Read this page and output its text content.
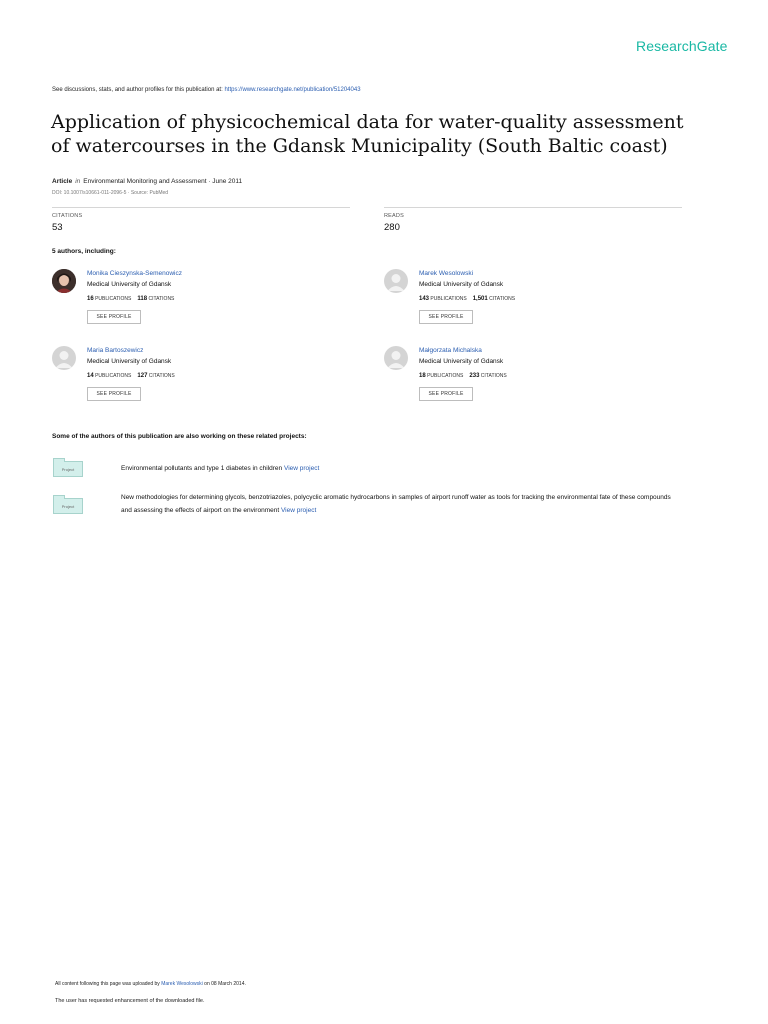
ResearchGate
See discussions, stats, and author profiles for this publication at: https://www.researchgate.net/publication/51204043
Application of physicochemical data for water-quality assessment of watercourses in the Gdansk Municipality (South Baltic coast)
Article in Environmental Monitoring and Assessment · June 2011
DOI: 10.1007/s10661-011-2096-5 · Source: PubMed
CITATIONS
53
READS
280
5 authors, including:
Monika Cieszynska-Semenowicz
Medical University of Gdansk
16 PUBLICATIONS 118 CITATIONS
SEE PROFILE
Marek Wesolowski
Medical University of Gdansk
143 PUBLICATIONS 1,501 CITATIONS
SEE PROFILE
Maria Bartoszewicz
Medical University of Gdansk
14 PUBLICATIONS 127 CITATIONS
SEE PROFILE
Małgorzata Michalska
Medical University of Gdansk
18 PUBLICATIONS 233 CITATIONS
SEE PROFILE
Some of the authors of this publication are also working on these related projects:
Project	Environmental pollutants and type 1 diabetes in children View project
Project
New methodologies for determining glycols, benzotriazoles, polycyclic aromatic hydrocarbons in samples of airport runoff water as tools for tracking the environmental fate of these compounds and assessing the effects of airport on the environment View project
All content following this page was uploaded by Marek Wesolowski on 08 March 2014.
The user has requested enhancement of the downloaded file.
